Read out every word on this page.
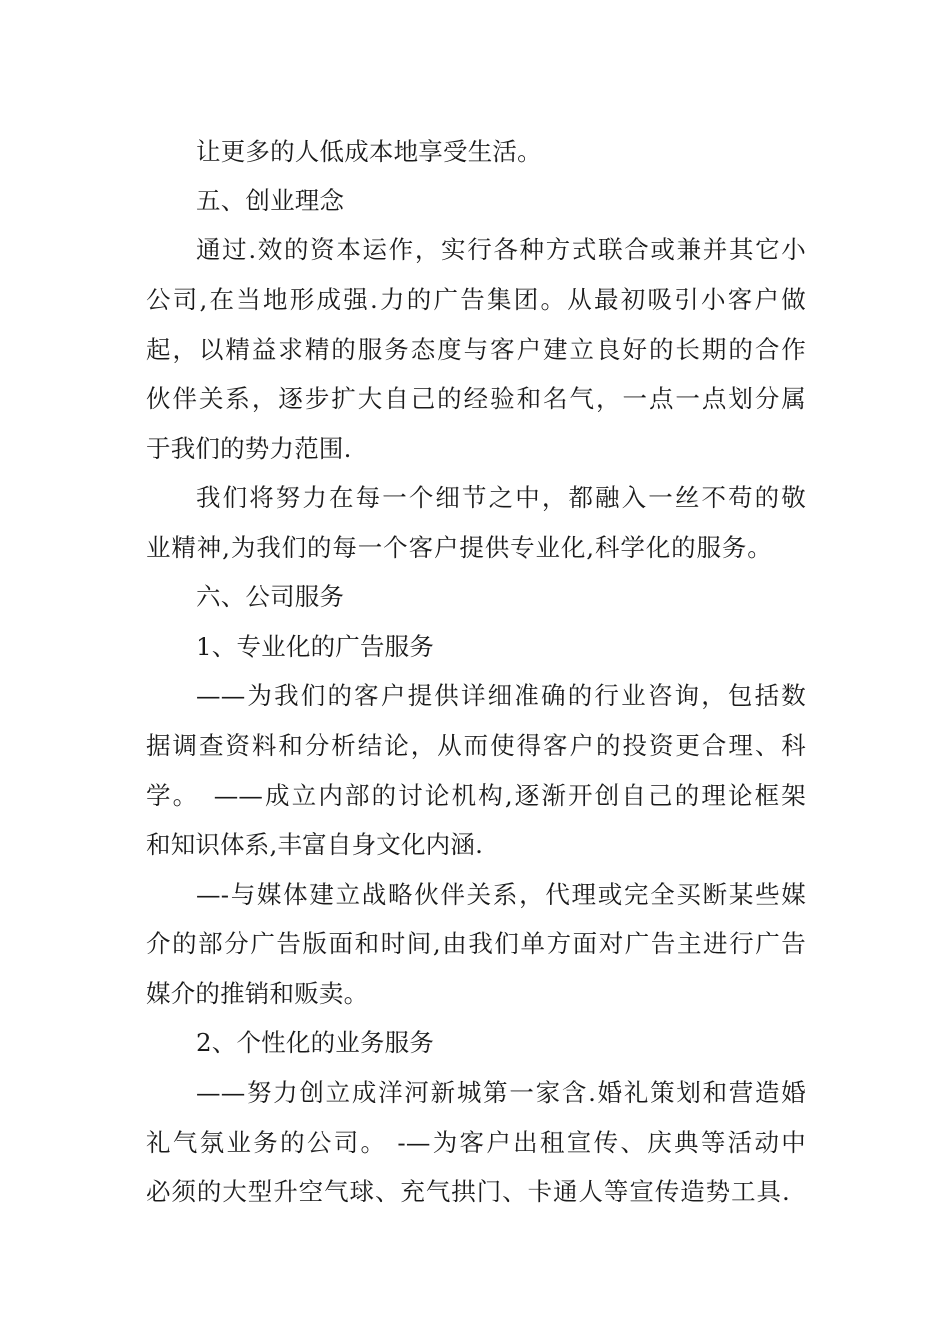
让更多的人低成本地享受生活。
五、创业理念
通过.效的资本运作，实行各种方式联合或兼并其它小
公司,在当地形成强.力的广告集团。从最初吸引小客户做
起，以精益求精的服务态度与客户建立良好的长期的合作
伙伴关系，逐步扩大自己的经验和名气，一点一点划分属
于我们的势力范围.
我们将努力在每一个细节之中，都融入一丝不苟的敬
业精神,为我们的每一个客户提供专业化,科学化的服务。
六、公司服务
1、专业化的广告服务
——为我们的客户提供详细准确的行业咨询，包括数
据调查资料和分析结论，从而使得客户的投资更合理、科
学。　——成立内部的讨论机构,逐渐开创自己的理论框架
和知识体系,丰富自身文化内涵.
—-与媒体建立战略伙伴关系，代理或完全买断某些媒
介的部分广告版面和时间,由我们单方面对广告主进行广告
媒介的推销和贩卖。
2、个性化的业务服务
——努力创立成洋河新城第一家含.婚礼策划和营造婚
礼气氛业务的公司。 -—为客户出租宣传、庆典等活动中
必须的大型升空气球、充气拱门、卡通人等宣传造势工具.
